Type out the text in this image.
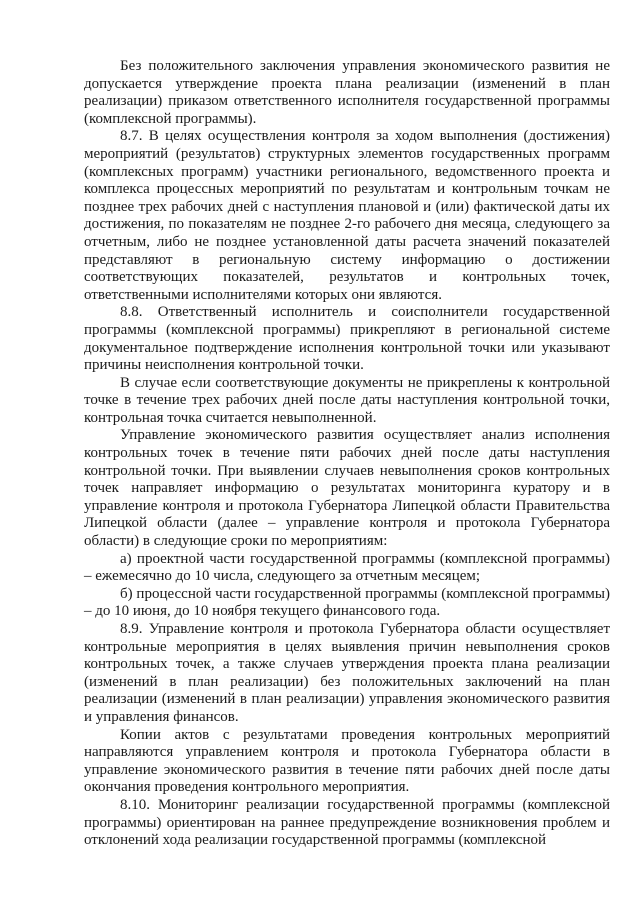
Без положительного заключения управления экономического развития не допускается утверждение проекта плана реализации (изменений в план реализации) приказом ответственного исполнителя государственной программы (комплексной программы).

8.7. В целях осуществления контроля за ходом выполнения (достижения) мероприятий (результатов) структурных элементов государственных программ (комплексных программ) участники регионального, ведомственного проекта и комплекса процессных мероприятий по результатам и контрольным точкам не позднее трех рабочих дней с наступления плановой и (или) фактической даты их достижения, по показателям не позднее 2-го рабочего дня месяца, следующего за отчетным, либо не позднее установленной даты расчета значений показателей представляют в региональную систему информацию о достижении соответствующих показателей, результатов и контрольных точек, ответственными исполнителями которых они являются.

8.8. Ответственный исполнитель и соисполнители государственной программы (комплексной программы) прикрепляют в региональной системе документальное подтверждение исполнения контрольной точки или указывают причины неисполнения контрольной точки.

В случае если соответствующие документы не прикреплены к контрольной точке в течение трех рабочих дней после даты наступления контрольной точки, контрольная точка считается невыполненной.

Управление экономического развития осуществляет анализ исполнения контрольных точек в течение пяти рабочих дней после даты наступления контрольной точки. При выявлении случаев невыполнения сроков контрольных точек направляет информацию о результатах мониторинга куратору и в управление контроля и протокола Губернатора Липецкой области Правительства Липецкой области (далее – управление контроля и протокола Губернатора области) в следующие сроки по мероприятиям:

а) проектной части государственной программы (комплексной программы) – ежемесячно до 10 числа, следующего за отчетным месяцем;

б) процессной части государственной программы (комплексной программы) – до 10 июня, до 10 ноября текущего финансового года.

8.9. Управление контроля и протокола Губернатора области осуществляет контрольные мероприятия в целях выявления причин невыполнения сроков контрольных точек, а также случаев утверждения проекта плана реализации (изменений в план реализации) без положительных заключений на план реализации (изменений в план реализации) управления экономического развития и управления финансов.

Копии актов с результатами проведения контрольных мероприятий направляются управлением контроля и протокола Губернатора области в управление экономического развития в течение пяти рабочих дней после даты окончания проведения контрольного мероприятия.

8.10. Мониторинг реализации государственной программы (комплексной программы) ориентирован на раннее предупреждение возникновения проблем и отклонений хода реализации государственной программы (комплексной
